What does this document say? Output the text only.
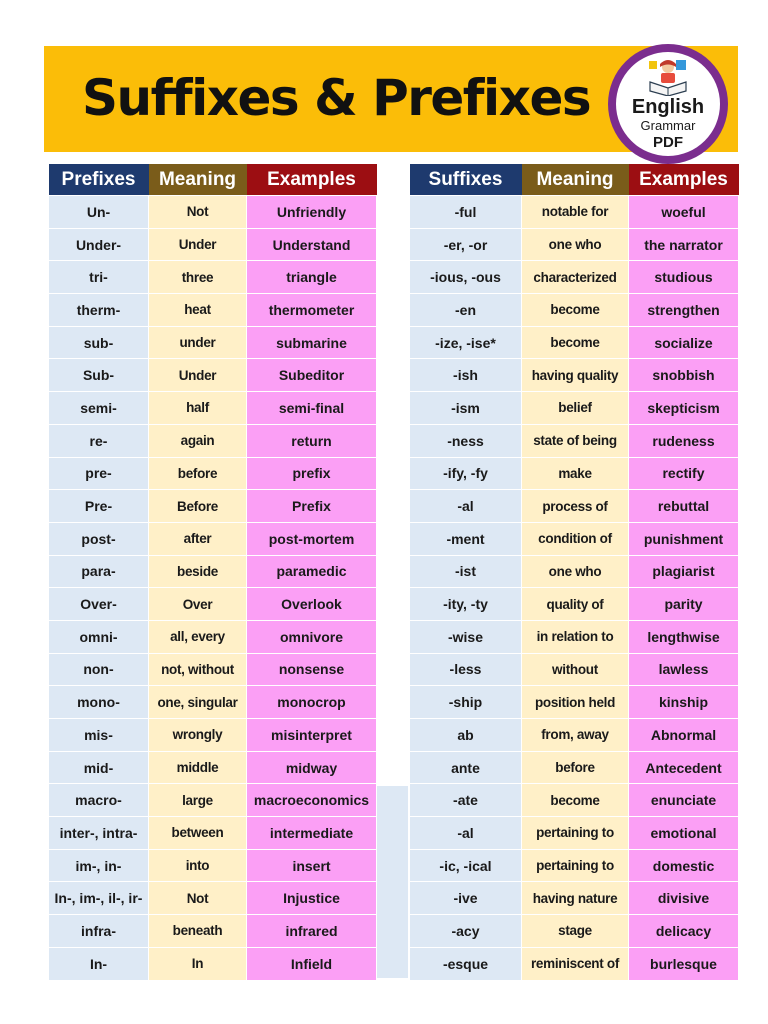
Suffixes & Prefixes	English
Grammar
PDF
Prefixes	Meaning	Examples
Un-	Not	Unfriendly
Under-	Under	Understand
tri-	three	triangle
therm-	heat	thermometer
sub-	under	submarine
Sub-	Under	Subeditor
semi-	half	semi-final
re-	again	return
pre-	before	prefix
Pre-	Before	Prefix
post-	after	post-mortem
para-	beside	paramedic
Over-	Over	Overlook
omni-	all, every	omnivore
non-	not, without	nonsense
mono-	one, singular	monocrop
mis-	wrongly	misinterpret
mid-	middle	midway
macro-	large	macroeconomics
inter-, intra-	between	intermediate
im-, in-	into	insert
In-, im-, il-, ir-	Not	Injustice
infra-	beneath	infrared
In-	In	Infield
Suffixes	Meaning	Examples
-ful	notable for	woeful
-er, -or	one who	the narrator
-ious, -ous	characterized	studious
-en	become	strengthen
-ize, -ise*	become	socialize
-ish	having quality	snobbish
-ism	belief	skepticism
-ness	state of being	rudeness
-ify, -fy	make	rectify
-al	process of	rebuttal
-ment	condition of	punishment
-ist	one who	plagiarist
-ity, -ty	quality of	parity
-wise	in relation to	lengthwise
-less	without	lawless
-ship	position held	kinship
ab	from, away	Abnormal
ante	before	Antecedent
-ate	become	enunciate
-al	pertaining to	emotional
-ic, -ical	pertaining to	domestic
-ive	having nature	divisive
-acy	stage	delicacy
-esque	reminiscent of	burlesque
